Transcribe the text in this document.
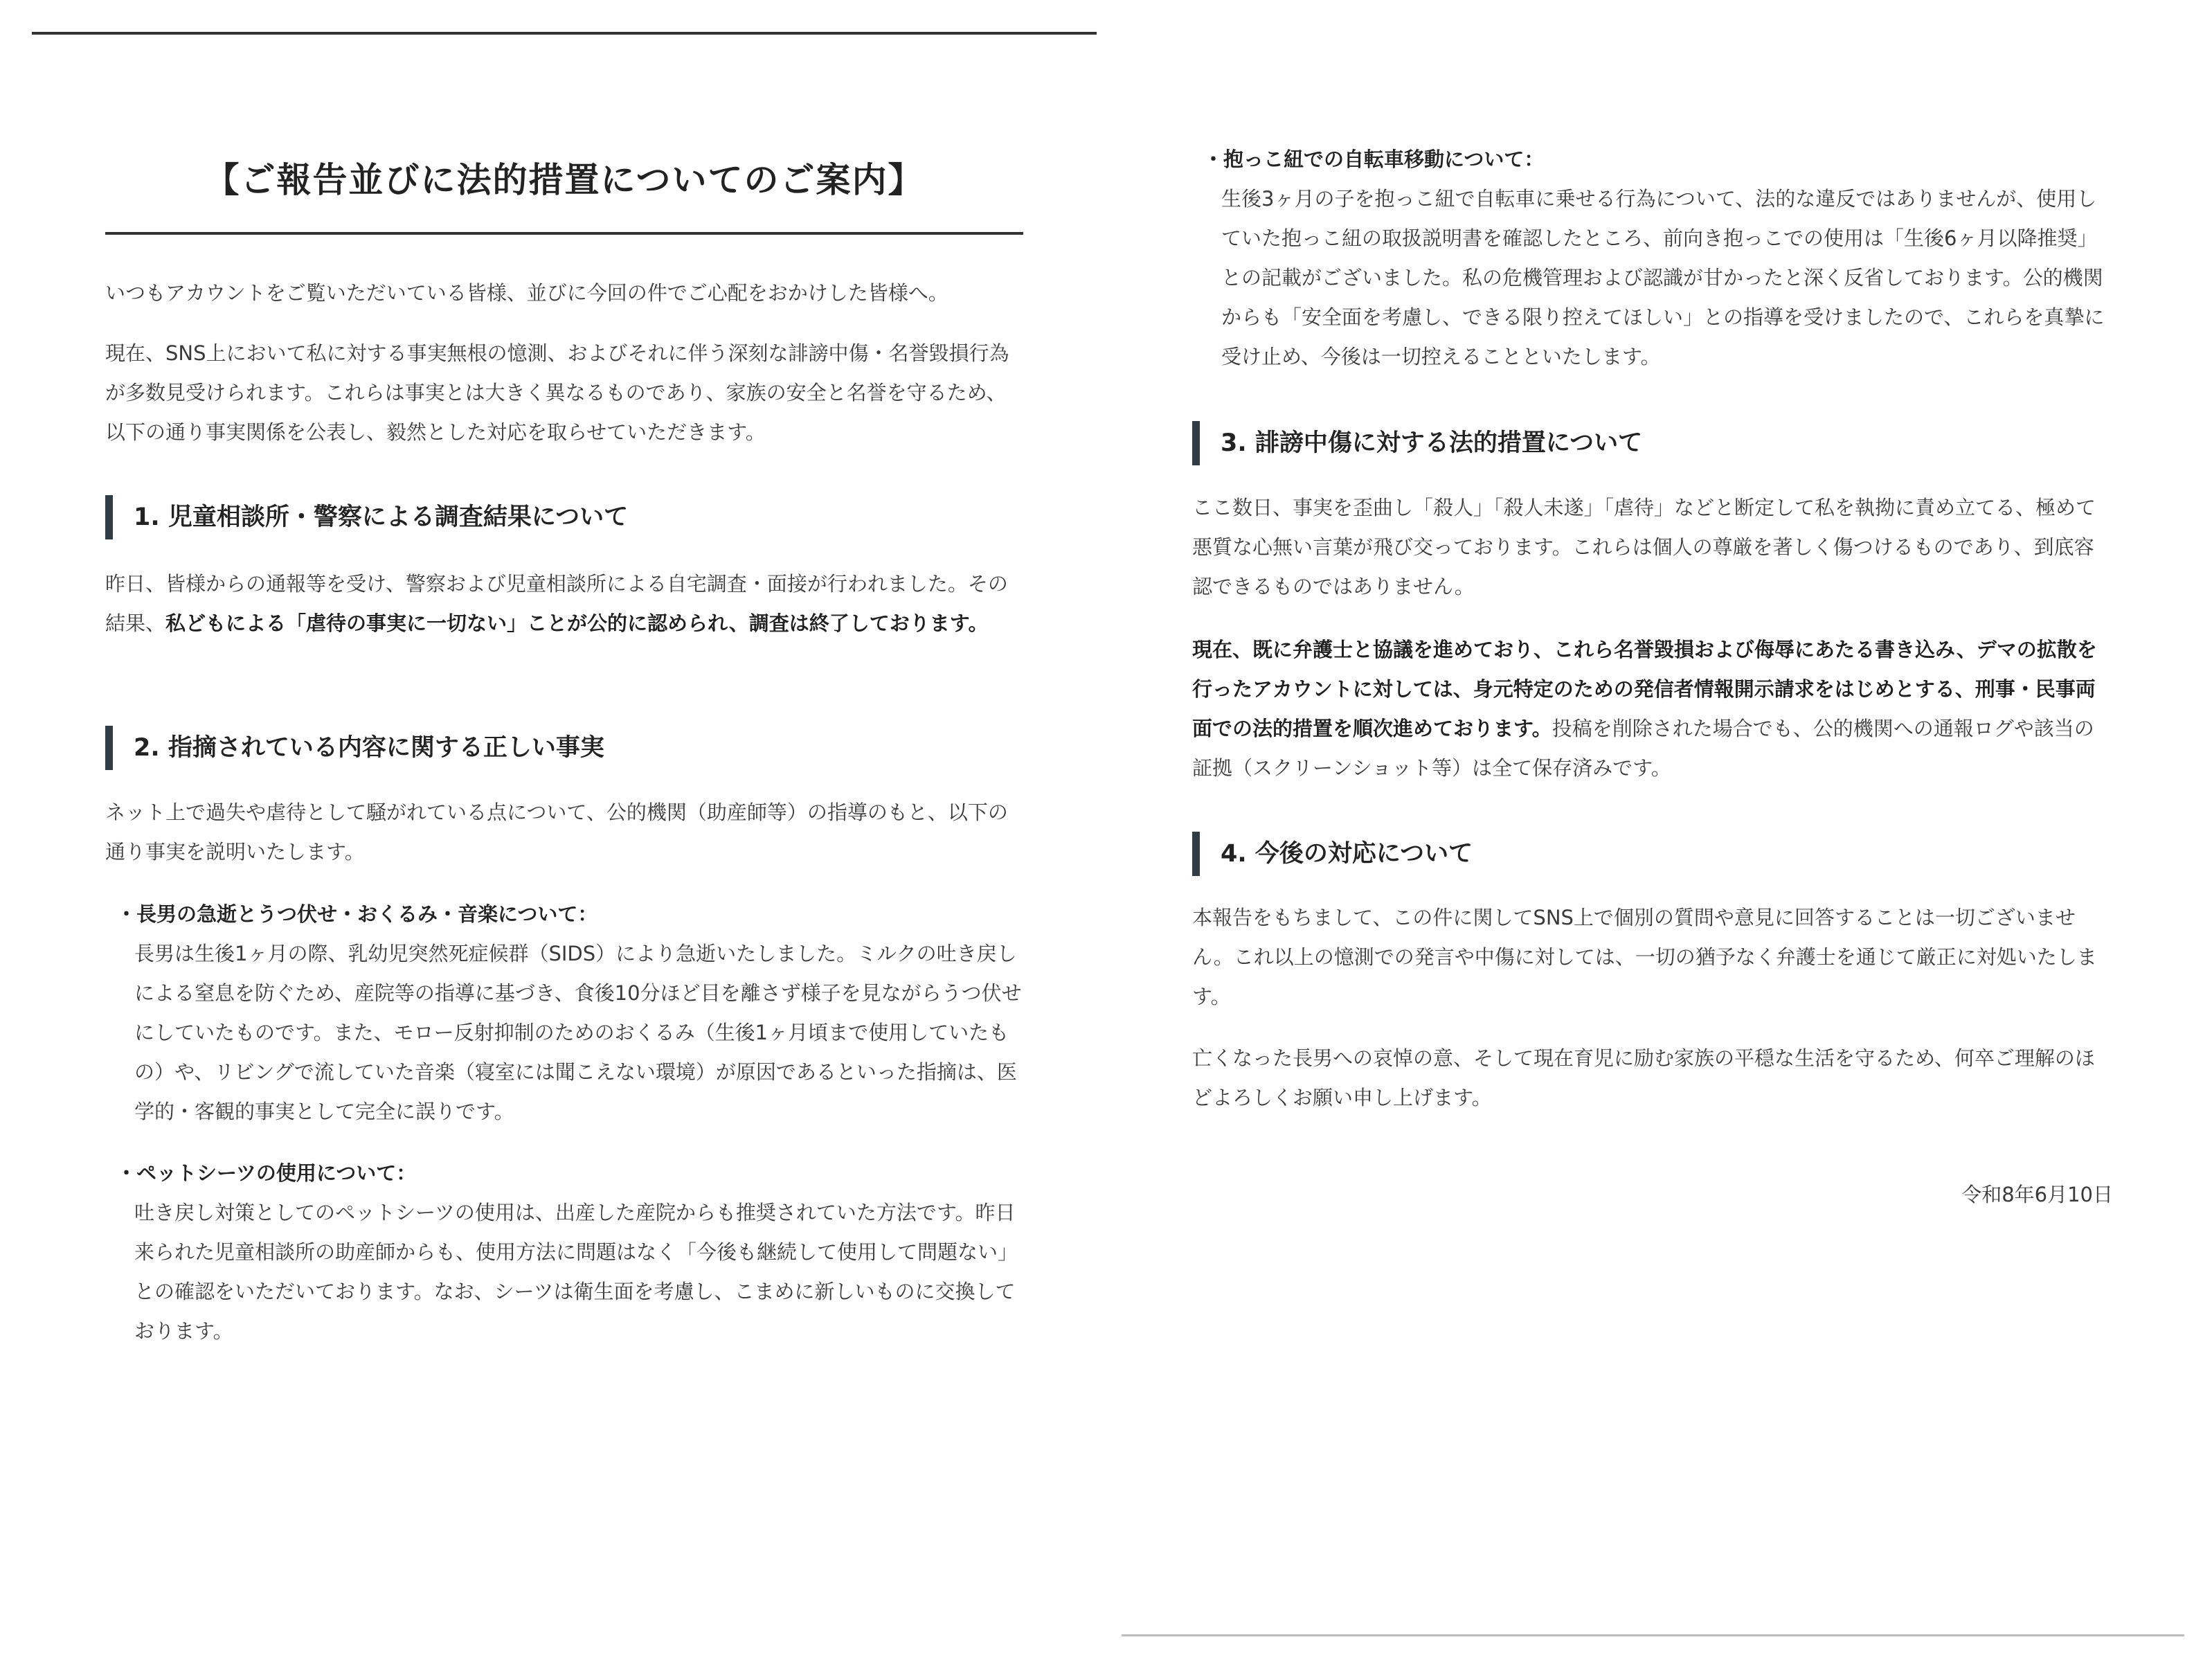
【ご報告並びに法的措置についてのご案内】

いつもアカウントをご覧いただいている皆様、並びに今回の件でご心配をおかけした皆様へ。

現在、SNS上において私に対する事実無根の憶測、およびそれに伴う深刻な誹謗中傷・名誉毀損行為が多数見受けられます。これらは事実とは大きく異なるものであり、家族の安全と名誉を守るため、以下の通り事実関係を公表し、毅然とした対応を取らせていただきます。

1. 児童相談所・警察による調査結果について

昨日、皆様からの通報等を受け、警察および児童相談所による自宅調査・面接が行われました。その結果、私どもによる「虐待の事実に一切ない」ことが公的に認められ、調査は終了しております。

2. 指摘されている内容に関する正しい事実

ネット上で過失や虐待として騒がれている点について、公的機関（助産師等）の指導のもと、以下の通り事実を説明いたします。

・長男の急逝とうつ伏せ・おくるみ・音楽について：

長男は生後1ヶ月の際、乳幼児突然死症候群（SIDS）により急逝いたしました。ミルクの吐き戻しによる窒息を防ぐため、産院等の指導に基づき、食後10分ほど目を離さず様子を見ながらうつ伏せにしていたものです。また、モロー反射抑制のためのおくるみ（生後1ヶ月頃まで使用していたもの）や、リビングで流していた音楽（寝室には聞こえない環境）が原因であるといった指摘は、医学的・客観的事実として完全に誤りです。

・ペットシーツの使用について：

吐き戻し対策としてのペットシーツの使用は、出産した産院からも推奨されていた方法です。昨日来られた児童相談所の助産師からも、使用方法に問題はなく「今後も継続して使用して問題ない」との確認をいただいております。なお、シーツは衛生面を考慮し、こまめに新しいものに交換しております。

・抱っこ紐での自転車移動について：

生後3ヶ月の子を抱っこ紐で自転車に乗せる行為について、法的な違反ではありませんが、使用していた抱っこ紐の取扱説明書を確認したところ、前向き抱っこでの使用は「生後6ヶ月以降推奨」との記載がございました。私の危機管理および認識が甘かったと深く反省しております。公的機関からも「安全面を考慮し、できる限り控えてほしい」との指導を受けましたので、これらを真摯に受け止め、今後は一切控えることといたします。

3. 誹謗中傷に対する法的措置について

ここ数日、事実を歪曲し「殺人」「殺人未遂」「虐待」などと断定して私を執拗に責め立てる、極めて悪質な心無い言葉が飛び交っております。これらは個人の尊厳を著しく傷つけるものであり、到底容認できるものではありません。

現在、既に弁護士と協議を進めており、これら名誉毀損および侮辱にあたる書き込み、デマの拡散を行ったアカウントに対しては、身元特定のための発信者情報開示請求をはじめとする、刑事・民事両面での法的措置を順次進めております。投稿を削除された場合でも、公的機関への通報ログや該当の証拠（スクリーンショット等）は全て保存済みです。

4. 今後の対応について

本報告をもちまして、この件に関してSNS上で個別の質問や意見に回答することは一切ございません。これ以上の憶測での発言や中傷に対しては、一切の猶予なく弁護士を通じて厳正に対処いたします。

亡くなった長男への哀悼の意、そして現在育児に励む家族の平穏な生活を守るため、何卒ご理解のほどよろしくお願い申し上げます。

令和8年6月10日
